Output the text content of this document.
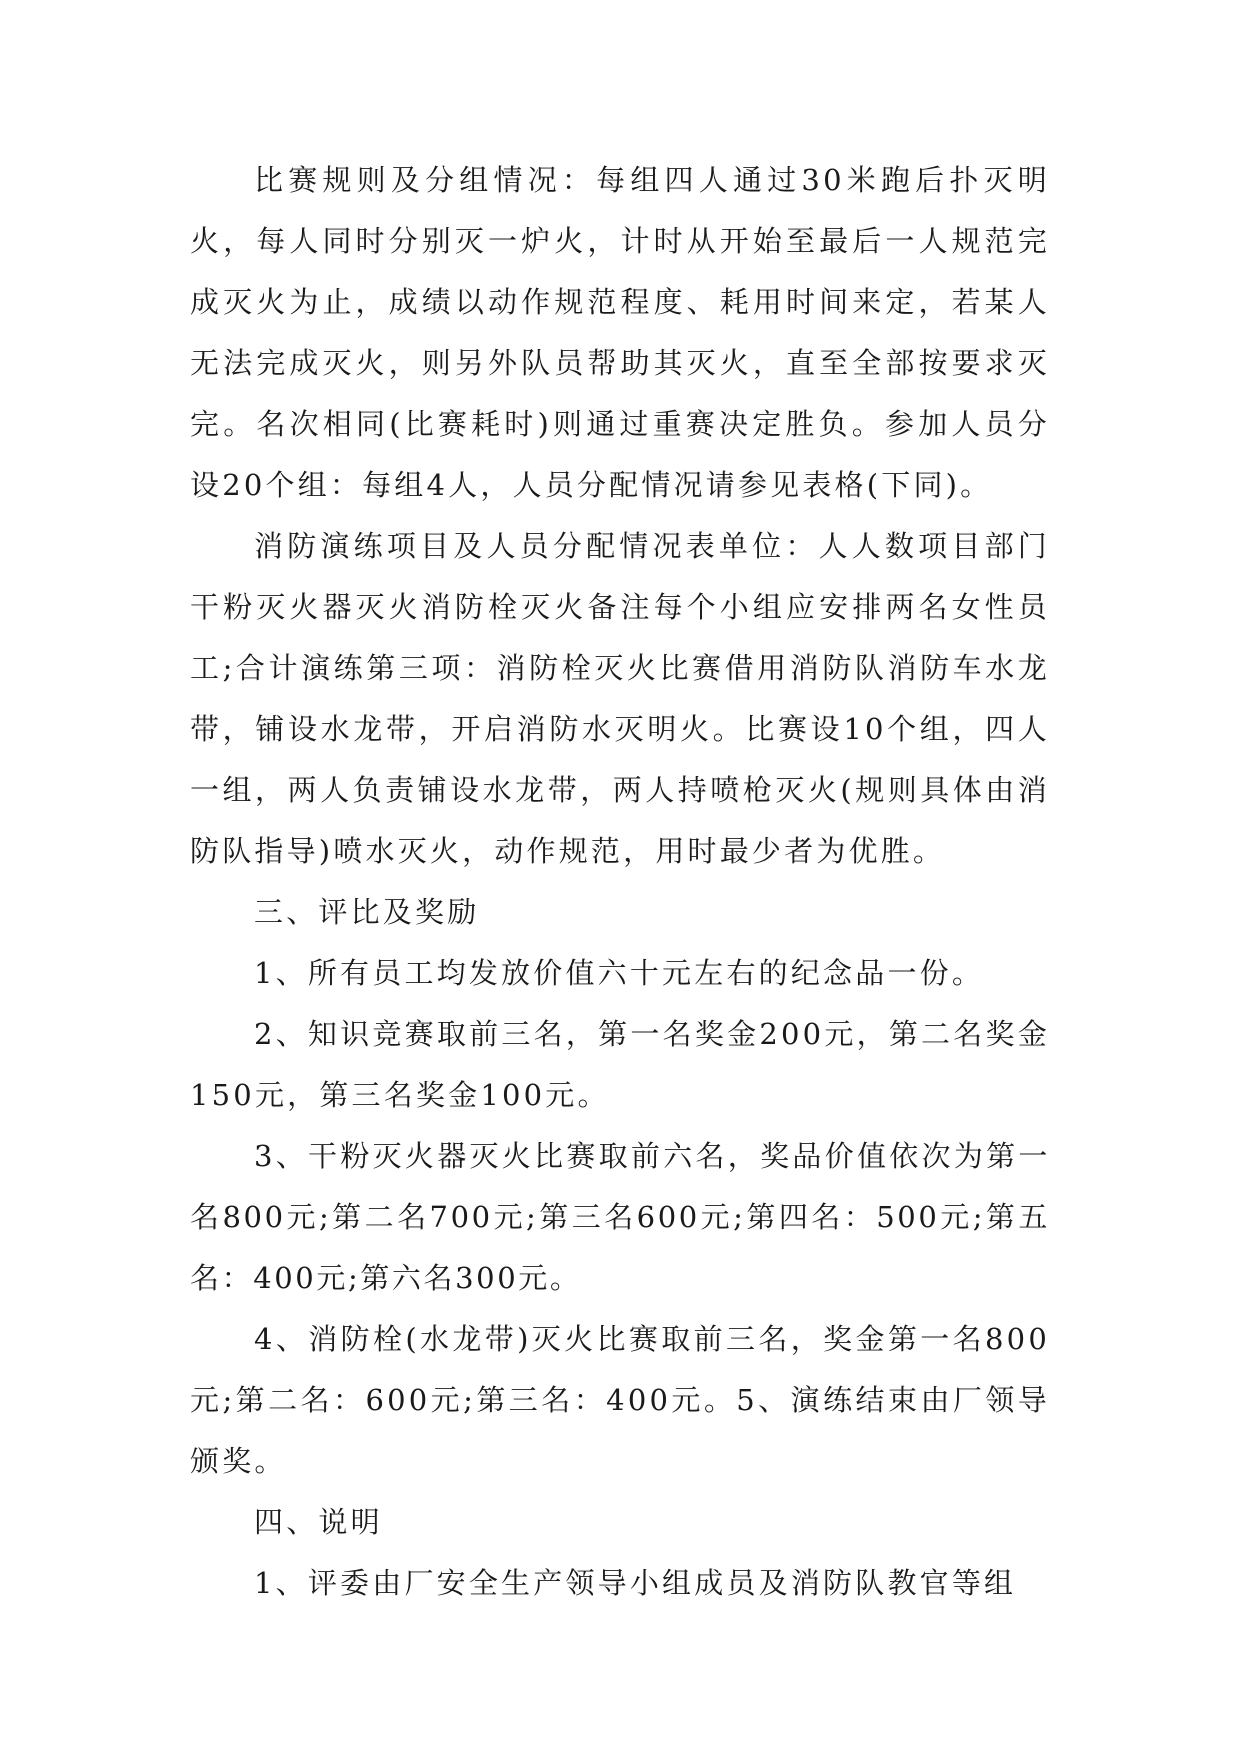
比赛规则及分组情况：每组四人通过30米跑后扑灭明火，每人同时分别灭一炉火，计时从开始至最后一人规范完成灭火为止，成绩以动作规范程度、耗用时间来定，若某人无法完成灭火，则另外队员帮助其灭火，直至全部按要求灭完。名次相同(比赛耗时)则通过重赛决定胜负。参加人员分设20个组：每组4人，人员分配情况请参见表格(下同)。

消防演练项目及人员分配情况表单位：人人数项目部门干粉灭火器灭火消防栓灭火备注每个小组应安排两名女性员工;合计演练第三项：消防栓灭火比赛借用消防队消防车水龙带，铺设水龙带，开启消防水灭明火。比赛设10个组，四人一组，两人负责铺设水龙带，两人持喷枪灭火(规则具体由消防队指导)喷水灭火，动作规范，用时最少者为优胜。

三、评比及奖励

1、所有员工均发放价值六十元左右的纪念品一份。

2、知识竞赛取前三名，第一名奖金200元，第二名奖金150元，第三名奖金100元。

3、干粉灭火器灭火比赛取前六名，奖品价值依次为第一名800元;第二名700元;第三名600元;第四名：500元;第五名：400元;第六名300元。

4、消防栓(水龙带)灭火比赛取前三名，奖金第一名800元;第二名：600元;第三名：400元。5、演练结束由厂领导颁奖。

四、说明

1、评委由厂安全生产领导小组成员及消防队教官等组
